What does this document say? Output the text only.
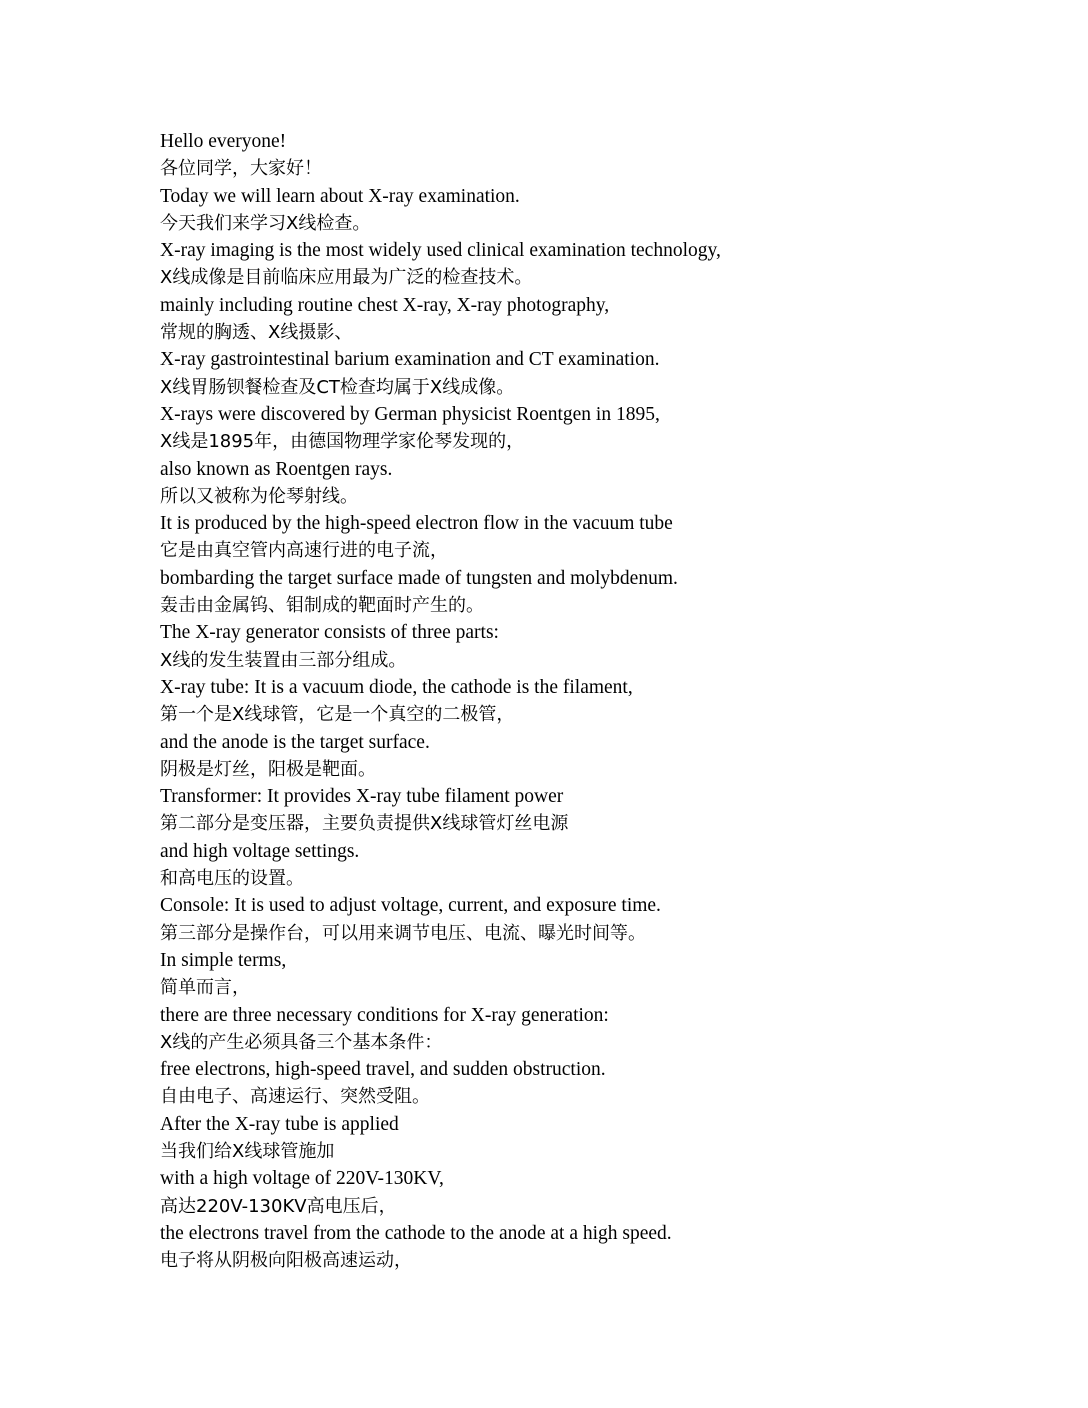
Hello everyone!
各位同学，大家好！
Today we will learn about X-ray examination.
今天我们来学习X线检查。
X-ray imaging is the most widely used clinical examination technology,
X线成像是目前临床应用最为广泛的检查技术。
mainly including routine chest X-ray, X-ray photography,
常规的胸透、X线摄影、
X-ray gastrointestinal barium examination and CT examination.
X线胃肠钡餐检查及CT检查均属于X线成像。
X-rays were discovered by German physicist Roentgen in 1895,
X线是1895年，由德国物理学家伦琴发现的，
also known as Roentgen rays.
所以又被称为伦琴射线。
It is produced by the high-speed electron flow in the vacuum tube
它是由真空管内高速行进的电子流，
bombarding the target surface made of tungsten and molybdenum.
轰击由金属钨、钼制成的靶面时产生的。
The X-ray generator consists of three parts:
X线的发生装置由三部分组成。
X-ray tube: It is a vacuum diode, the cathode is the filament,
第一个是X线球管，它是一个真空的二极管，
and the anode is the target surface.
阴极是灯丝，阳极是靶面。
Transformer: It provides X-ray tube filament power
第二部分是变压器，主要负责提供X线球管灯丝电源
and high voltage settings.
和高电压的设置。
Console: It is used to adjust voltage, current, and exposure time.
第三部分是操作台，可以用来调节电压、电流、曝光时间等。
In simple terms,
简单而言，
there are three necessary conditions for X-ray generation:
X线的产生必须具备三个基本条件：
free electrons, high-speed travel, and sudden obstruction.
自由电子、高速运行、突然受阻。
After the X-ray tube is applied
当我们给X线球管施加
with a high voltage of 220V-130KV,
高达220V-130KV高电压后，
the electrons travel from the cathode to the anode at a high speed.
电子将从阴极向阳极高速运动，
